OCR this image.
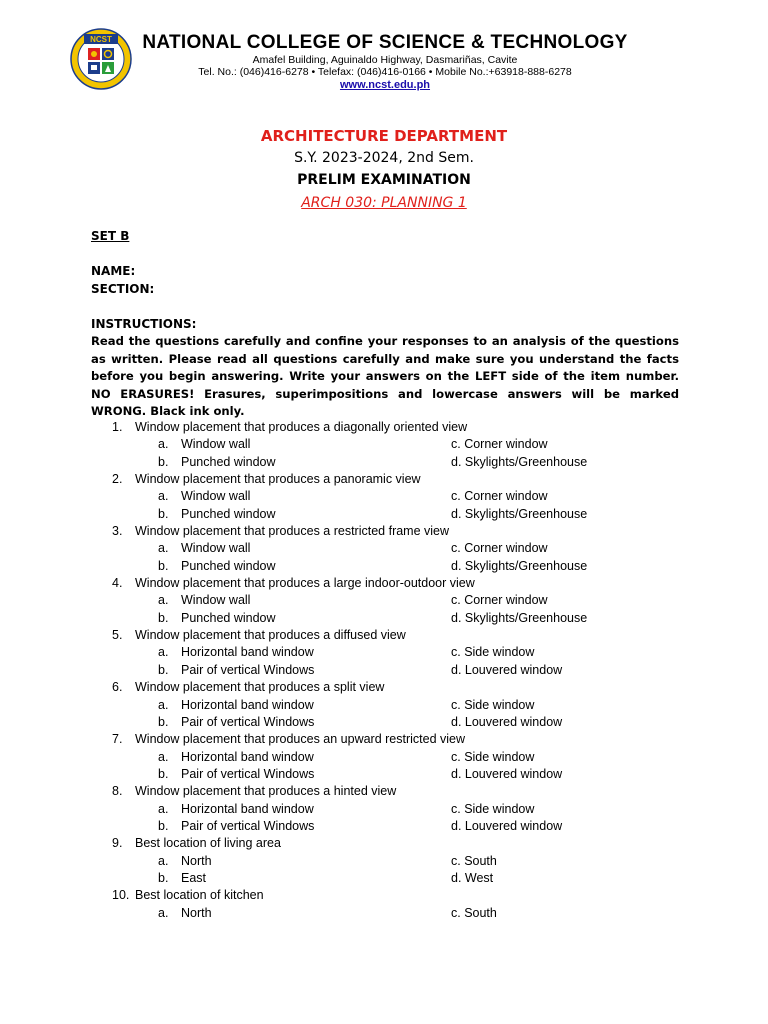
NCST NATIONAL COLLEGE OF SCIENCE & TECHNOLOGY
Amafel Building, Aguinaldo Highway, Dasmariñas, Cavite
Tel. No.: (046)416-6278 • Telefax: (046)416-0166 • Mobile No.:+63918-888-6278
www.ncst.edu.ph
ARCHITECTURE DEPARTMENT
S.Y. 2023-2024, 2nd Sem.
PRELIM EXAMINATION
ARCH 030: PLANNING 1
SET B
NAME:
SECTION:
INSTRUCTIONS:
Read the questions carefully and confine your responses to an analysis of the questions as written. Please read all questions carefully and make sure you understand the facts before you begin answering. Write your answers on the LEFT side of the item number. NO ERASURES! Erasures, superimpositions and lowercase answers will be marked WRONG. Black ink only.
1.	Window placement that produces a diagonally oriented view
a. Window wall	c. Corner window
b. Punched window	d. Skylights/Greenhouse
2.	Window placement that produces a panoramic view
a. Window wall	c. Corner window
b. Punched window	d. Skylights/Greenhouse
3.	Window placement that produces a restricted frame view
a. Window wall	c. Corner window
b. Punched window	d. Skylights/Greenhouse
4.	Window placement that produces a large indoor-outdoor view
a. Window wall	c. Corner window
b. Punched window	d. Skylights/Greenhouse
5.	Window placement that produces a diffused view
a. Horizontal band window	c. Side window
b. Pair of vertical Windows	d. Louvered window
6.	Window placement that produces a split view
a. Horizontal band window	c. Side window
b. Pair of vertical Windows	d. Louvered window
7.	Window placement that produces an upward restricted view
a. Horizontal band window	c. Side window
b. Pair of vertical Windows	d. Louvered window
8.	Window placement that produces a hinted view
a. Horizontal band window	c. Side window
b. Pair of vertical Windows	d. Louvered window
9.	Best location of living area
a. North	c. South
b. East	d. West
10. Best location of kitchen
a. North	c. South
